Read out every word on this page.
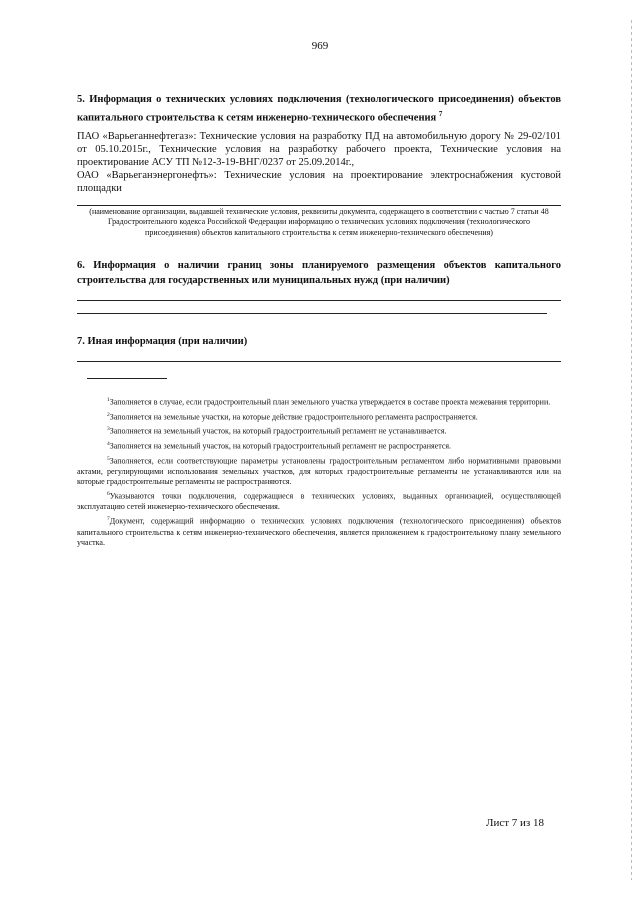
969

5. Информация о технических условиях подключения (технологического присоединения) объектов капитального строительства к сетям инженерно-технического обеспечения $^7$

ПАО «Варьеганнефтегаз»: Технические условия на разработку ПД на автомобильную дорогу № 29-02/101 от 05.10.2015г., Технические условия на разработку рабочего проекта, Технические условия на проектирование АСУ ТП №12-3-19-ВНГ/0237 от 25.09.2014г.,

ОАО «Варьеганэнергонефть»: Технические условия на проектирование электроснабжения кустовой площадки

(наименование организации, выдавшей технические условия, реквизиты документа, содержащего в соответствии с частью 7 статьи 48 Градостроительного кодекса Российской Федерации информацию о технических условиях подключения (технологического присоединения) объектов капитального строительства к сетям инженерно-технического обеспечения)

6. Информация о наличии границ зоны планируемого размещения объектов капитального строительства для государственных или муниципальных нужд (при наличии)

7. Иная информация (при наличии)

$^1$Заполняется в случае, если градостроительный план земельного участка утверждается в составе проекта межевания территории.

$^2$Заполняется на земельные участки, на которые действие градостроительного регламента распространяется.

$^3$Заполняется на земельный участок, на который градостроительный регламент не устанавливается.

$^4$Заполняется на земельный участок, на который градостроительный регламент не распространяется.

$^5$Заполняется, если соответствующие параметры установлены градостроительным регламентом либо нормативными правовыми актами, регулирующими использования земельных участков, для которых градостроительные регламенты не устанавливаются или на которые градостроительные регламенты не распространяются.

$^6$Указываются точки подключения, содержащиеся в технических условиях, выданных организацией, осуществляющей эксплуатацию сетей инженерно-технического обеспечения.

$^7$Документ, содержащий информацию о технических условиях подключения (технологического присоединения) объектов капитального строительства к сетям инженерно-технического обеспечения, является приложением к градостроительному плану земельного участка.

Лист 7 из 18
